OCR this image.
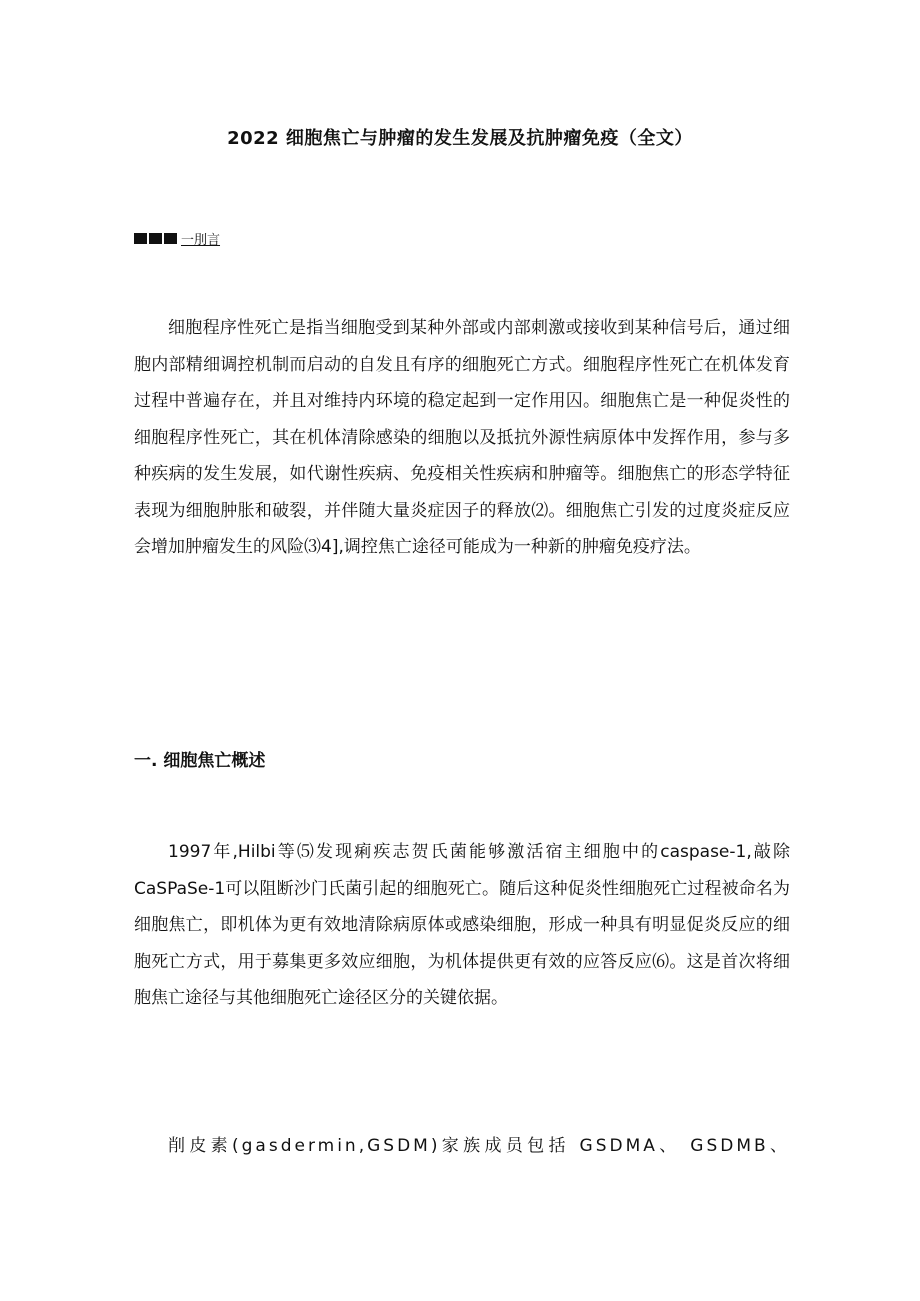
2022 细胞焦亡与肿瘤的发生发展及抗肿瘤免疫（全文）
一刖言

细胞程序性死亡是指当细胞受到某种外部或内部刺激或接收到某种信号后，通过细胞内部精细调控机制而启动的自发且有序的细胞死亡方式。细胞程序性死亡在机体发育过程中普遍存在，并且对维持内环境的稳定起到一定作用囚。细胞焦亡是一种促炎性的细胞程序性死亡，其在机体清除感染的细胞以及抵抗外源性病原体中发挥作用，参与多种疾病的发生发展，如代谢性疾病、免疫相关性疾病和肿瘤等。细胞焦亡的形态学特征表现为细胞肿胀和破裂，并伴随大量炎症因子的释放⑵。细胞焦亡引发的过度炎症反应会增加肿瘤发生的风险⑶4],调控焦亡途径可能成为一种新的肿瘤免疫疗法。

一. 细胞焦亡概述

1997年,Hilbi等⑸发现痢疾志贺氏菌能够激活宿主细胞中的caspase-1,敲除CaSPaSe-1可以阻断沙门氏菌引起的细胞死亡。随后这种促炎性细胞死亡过程被命名为细胞焦亡，即机体为更有效地清除病原体或感染细胞，形成一种具有明显促炎反应的细胞死亡方式，用于募集更多效应细胞，为机体提供更有效的应答反应⑹。这是首次将细胞焦亡途径与其他细胞死亡途径区分的关键依据。

削皮素(gasdermin,GSDM)家族成员包括 GSDMA、 GSDMB、
